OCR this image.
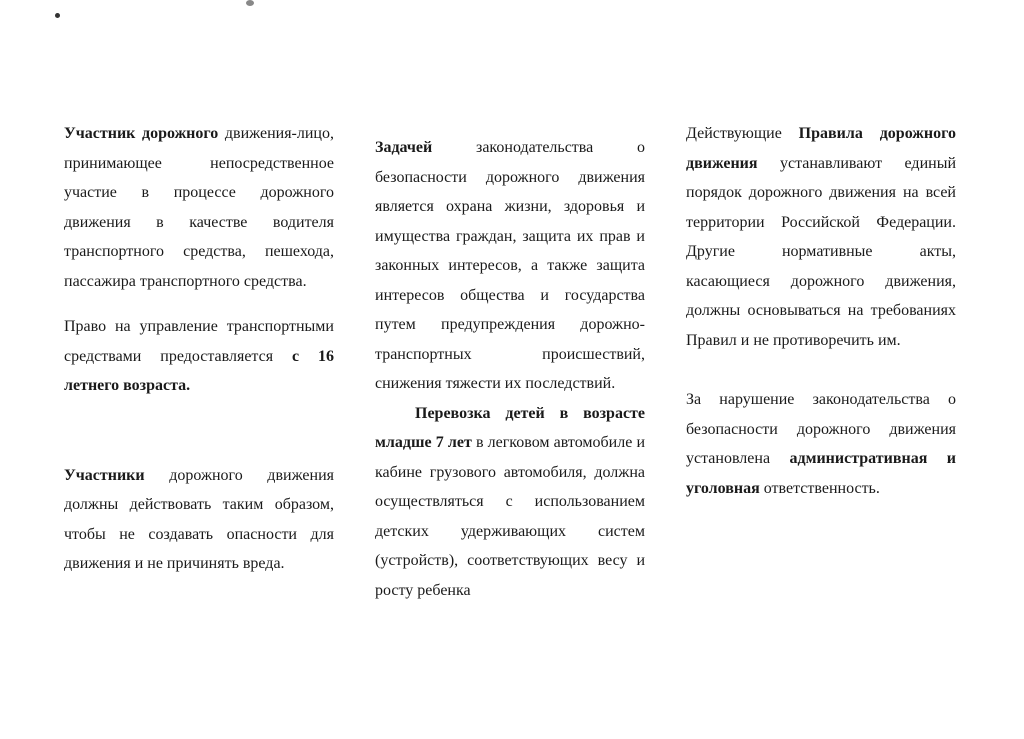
Участник дорожного движения-лицо, принимающее непосредственное участие в процессе дорожного движения в качестве водителя транспортного средства, пешехода, пассажира транспортного средства.

Право на управление транспортными средствами предоставляется с 16 летнего возраста.

Участники дорожного движения должны действовать таким образом, чтобы не создавать опасности для движения и не причинять вреда.

Задачей законодательства о безопасности дорожного движения является охрана жизни, здоровья и имущества граждан, защита их прав и законных интересов, а также защита интересов общества и государства путем предупреждения дорожно-транспортных происшествий, снижения тяжести их последствий.

Перевозка детей в возрасте младше 7 лет в легковом автомобиле и кабине грузового автомобиля, должна осуществляться с использованием детских удерживающих систем (устройств), соответствующих весу и росту ребенка

Действующие Правила дорожного движения устанавливают единый порядок дорожного движения на всей территории Российской Федерации. Другие нормативные акты, касающиеся дорожного движения, должны основываться на требованиях Правил и не противоречить им.

За нарушение законодательства о безопасности дорожного движения установлена административная и уголовная ответственность.
